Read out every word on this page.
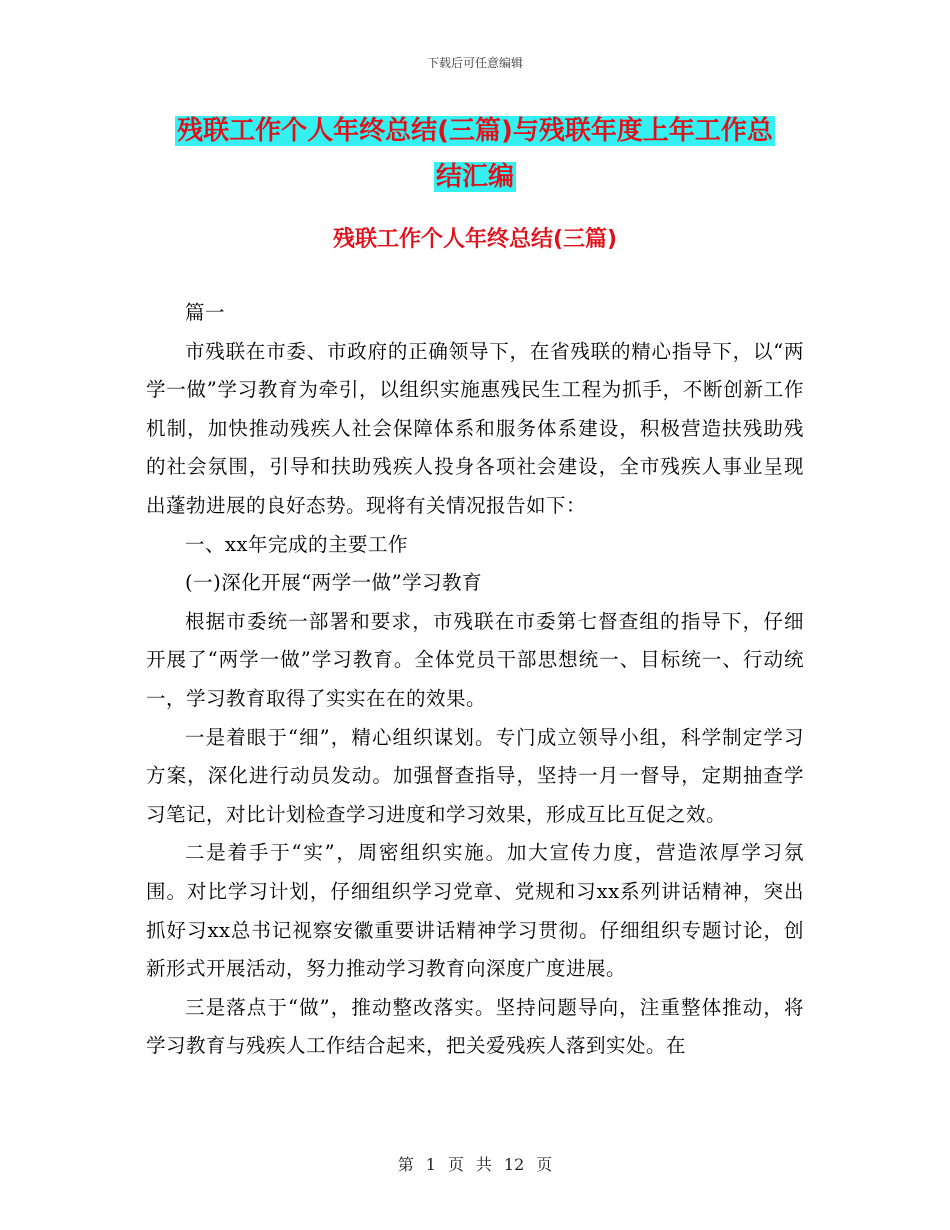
下载后可任意编辑
残联工作个人年终总结(三篇)与残联年度上年工作总
结汇编
残联工作个人年终总结(三篇)

篇一

市残联在市委、市政府的正确领导下，在省残联的精心指导下，以“两学一做”学习教育为牵引，以组织实施惠残民生工程为抓手，不断创新工作机制，加快推动残疾人社会保障体系和服务体系建设，积极营造扶残助残的社会氛围，引导和扶助残疾人投身各项社会建设，全市残疾人事业呈现出蓬勃进展的良好态势。现将有关情况报告如下：

一、xx年完成的主要工作

(一)深化开展“两学一做”学习教育

根据市委统一部署和要求，市残联在市委第七督查组的指导下，仔细开展了“两学一做”学习教育。全体党员干部思想统一、目标统一、行动统一，学习教育取得了实实在在的效果。

一是着眼于“细”，精心组织谋划。专门成立领导小组，科学制定学习方案，深化进行动员发动。加强督查指导，坚持一月一督导，定期抽查学习笔记，对比计划检查学习进度和学习效果，形成互比互促之效。

二是着手于“实”，周密组织实施。加大宣传力度，营造浓厚学习氛围。对比学习计划，仔细组织学习党章、党规和习xx系列讲话精神，突出抓好习xx总书记视察安徽重要讲话精神学习贯彻。仔细组织专题讨论，创新形式开展活动，努力推动学习教育向深度广度进展。

三是落点于“做”，推动整改落实。坚持问题导向，注重整体推动，将学习教育与残疾人工作结合起来，把关爱残疾人落到实处。在

第 1 页 共 12 页
